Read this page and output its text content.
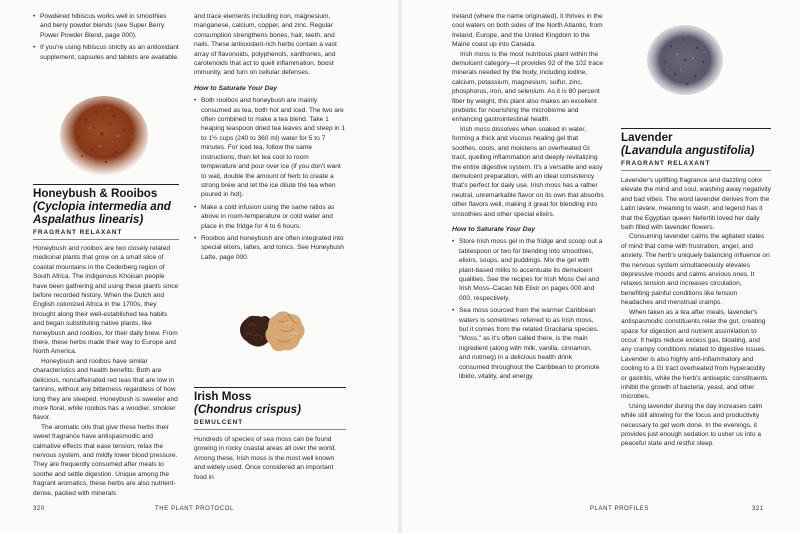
• Powdered hibiscus works well in smoothies and berry powder blends (see Super Berry Power Powder Blend, page 000).
• If you're using hibiscus strictly as an antioxidant supplement, capsules and tablets are available.
Honeybush & Rooibos
(Cyclopia intermedia and
Aspalathus linearis)
FRAGRANT RELAXANT

Honeybush and rooibos are two closely related medicinal plants that grow on a small slice of coastal mountains in the Cederberg region of South Africa. The indigenous Khoisan people have been gathering and using these plants since before recorded history. When the Dutch and English colonized Africa in the 1700s, they brought along their well-established tea habits and began substituting native plants, like honeybush and rooibos, for their daily brew. From there, these herbs made their way to Europe and North America.

Honeybush and rooibos have similar characteristics and health benefits: Both are delicious, noncaffeinated red teas that are low in tannins, without any bitterness regardless of how long they are steeped. Honeybush is sweeter and more floral, while rooibos has a woodier, smokier flavor.

The aromatic oils that give these herbs their sweet fragrance have antispasmodic and calmative effects that ease tension, relax the nervous system, and mildly lower blood pressure. They are frequently consumed after meals to soothe and settle digestion. Unique among the fragrant aromatics, these herbs are also nutrient-dense, packed with minerals

and trace elements including iron, magnesium, manganese, calcium, copper, and zinc. Regular consumption strengthens bones, hair, teeth, and nails. These antioxidant-rich herbs contain a vast array of flavonoids, polyphenols, xanthones, and carotenoids that act to quell inflammation, boost immunity, and turn on cellular defenses.

How to Saturate Your Day
• Both rooibos and honeybush are mainly consumed as tea, both hot and iced. The two are often combined to make a tea blend. Take 1 heaping teaspoon dried tea leaves and steep in 1 to 1½ cups (240 to 360 ml) water for 5 to 7 minutes. For iced tea, follow the same instructions, then let tea cool to room temperature and pour over ice (if you don't want to wait, double the amount of herb to create a strong brew and let the ice dilute the tea when poured in hot).
• Make a cold infusion using the same ratios as above in room-temperature or cold water and place in the fridge for 4 to 6 hours.
• Rooibos and honeybush are often integrated into special elixirs, lattes, and tonics. See Honeybush Latte, page 000.
Irish Moss
(Chondrus crispus)
DEMULCENT

Hundreds of species of sea moss can be found growing in rocky coastal areas all over the world. Among these, Irish moss is the most well known and widely used. Once considered an important food in

Ireland (where the name originated), it thrives in the cool waters on both sides of the North Atlantic, from Ireland, Europe, and the United Kingdom to the Maine coast up into Canada.

Irish moss is the most nutritious plant within the demulcent category—it provides 92 of the 102 trace minerals needed by the body, including iodine, calcium, potassium, magnesium, sulfur, zinc, phosphorus, iron, and selenium. As it is 80 percent fiber by weight, this plant also makes an excellent prebiotic for nourishing the microbiome and enhancing gastrointestinal health.

Irish moss dissolves when soaked in water, forming a thick and viscous healing gel that soothes, cools, and moistens an overheated GI tract, quelling inflammation and deeply revitalizing the entire digestive system. It's a versatile and easy demulcent preparation, with an ideal consistency that's perfect for daily use. Irish moss has a rather neutral, unremarkable flavor on its own that absorbs other flavors well, making it great for blending into smoothies and other special elixirs.

How to Saturate Your Day
• Store Irish moss gel in the fridge and scoop out a tablespoon or two for blending into smoothies, elixirs, soups, and puddings. Mix the gel with plant-based milks to accentuate its demulcent qualities. See the recipes for Irish Moss Gel and Irish Moss–Cacao Nib Elixir on pages 000 and 000, respectively.
• Sea moss sourced from the warmer Caribbean waters is sometimes referred to as Irish moss, but it comes from the related Gracilaria species. "Moss," as it's often called there, is the main ingredient (along with milk, vanilla, cinnamon, and nutmeg) in a delicious health drink consumed throughout the Caribbean to promote libido, vitality, and energy.
Lavender
(Lavandula angustifolia)
FRAGRANT RELAXANT

Lavender's uplifting fragrance and dazzling color elevate the mind and soul, washing away negativity and bad vibes. The word lavender derives from the Latin lavare, meaning to wash, and legend has it that the Egyptian queen Nefertiti loved her daily bath filled with lavender flowers.

Consuming lavender calms the agitated states of mind that come with frustration, anger, and anxiety. The herb's uniquely balancing influence on the nervous system simultaneously elevates depressive moods and calms anxious ones. It relaxes tension and increases circulation, benefiting painful conditions like tension headaches and menstrual cramps.

When taken as a tea after meals, lavender's antispasmodic constituents relax the gut, creating space for digestion and nutrient assimilation to occur. It helps reduce excess gas, bloating, and any crampy conditions related to digestive issues. Lavender is also highly anti-inflammatory and cooling to a GI tract overheated from hyperacidity or gastritis, while the herb's antiseptic constituents inhibit the growth of bacteria, yeast, and other microbes.

Using lavender during the day increases calm while still allowing for the focus and productivity necessary to get work done. In the evenings, it provides just enough sedation to usher us into a peaceful state and restful sleep.

320	THE PLANT PROTOCOL	PLANT PROFILES	321
